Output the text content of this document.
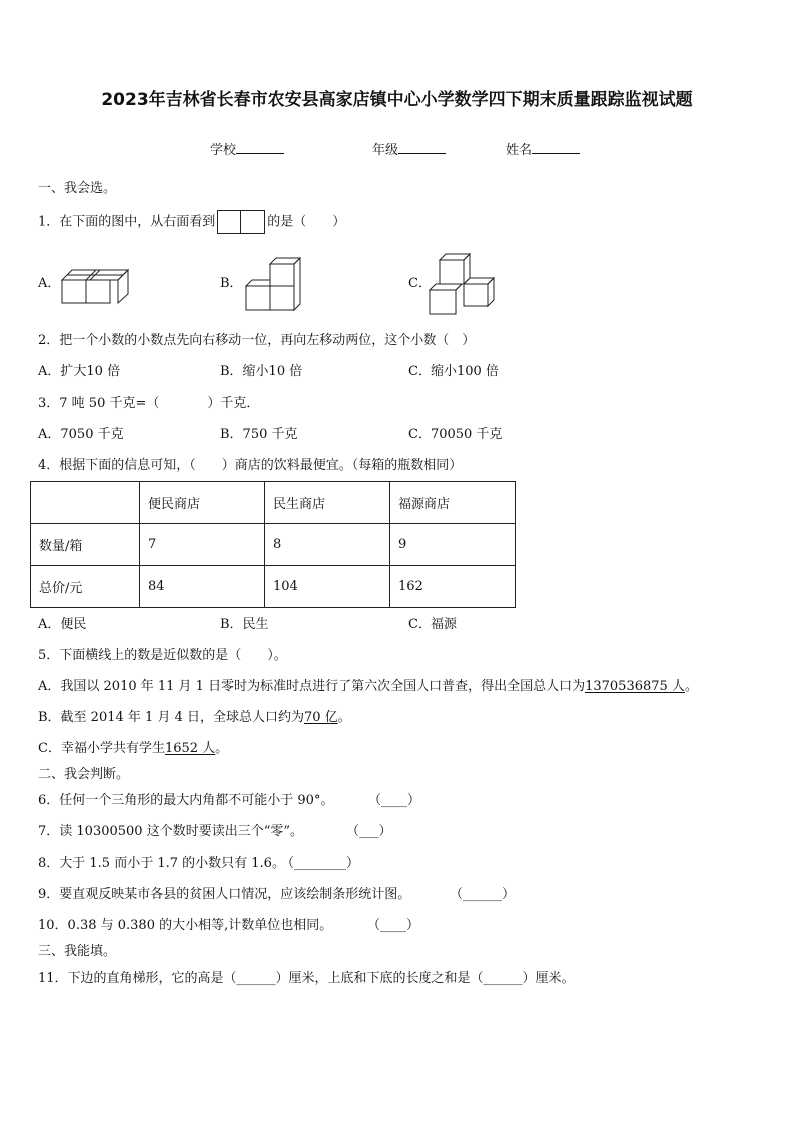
2023年吉林省长春市农安县高家店镇中心小学数学四下期末质量跟踪监视试题
学校	年级	姓名
一、我会选。
1．在下面的图中，从右面看到	的是（　　）
A．	B．	C．
2．把一个小数的小数点先向右移动一位，再向左移动两位，这个小数（　）
A．扩大10 倍	B．缩小10 倍	C．缩小100 倍
3．7 吨 50 千克=（	）千克．
A．7050 千克	B．750 千克	C．70050 千克
4．根据下面的信息可知，（　　）商店的饮料最便宜。（每箱的瓶数相同）
	便民商店	民生商店	福源商店
数量/箱	7	8	9
总价/元	84	104	162
A．便民	B．民生	C．福源
5．下面横线上的数是近似数的是（　　）。
A．我国以 2010 年 11 月 1 日零时为标准时点进行了第六次全国人口普查，得出全国总人口为1370536875 人。
B．截至 2014 年 1 月 4 日，全球总人口约为70 亿。
C．幸福小学共有学生1652 人。
二、我会判断。
6．任何一个三角形的最大内角都不可能小于 90°。	（____）
7．读 10300500 这个数时要读出三个“零”。	（___）
8．大于 1.5 而小于 1.7 的小数只有 1.6。
（________）
9．要直观反映某市各县的贫困人口情况，应该绘制条形统计图。	（______）
10．0.38 与 0.380 的大小相等,计数单位也相同。	（____）
三、我能填。
11．下边的直角梯形，它的高是（______）厘米，上底和下底的长度之和是（______）厘米。
